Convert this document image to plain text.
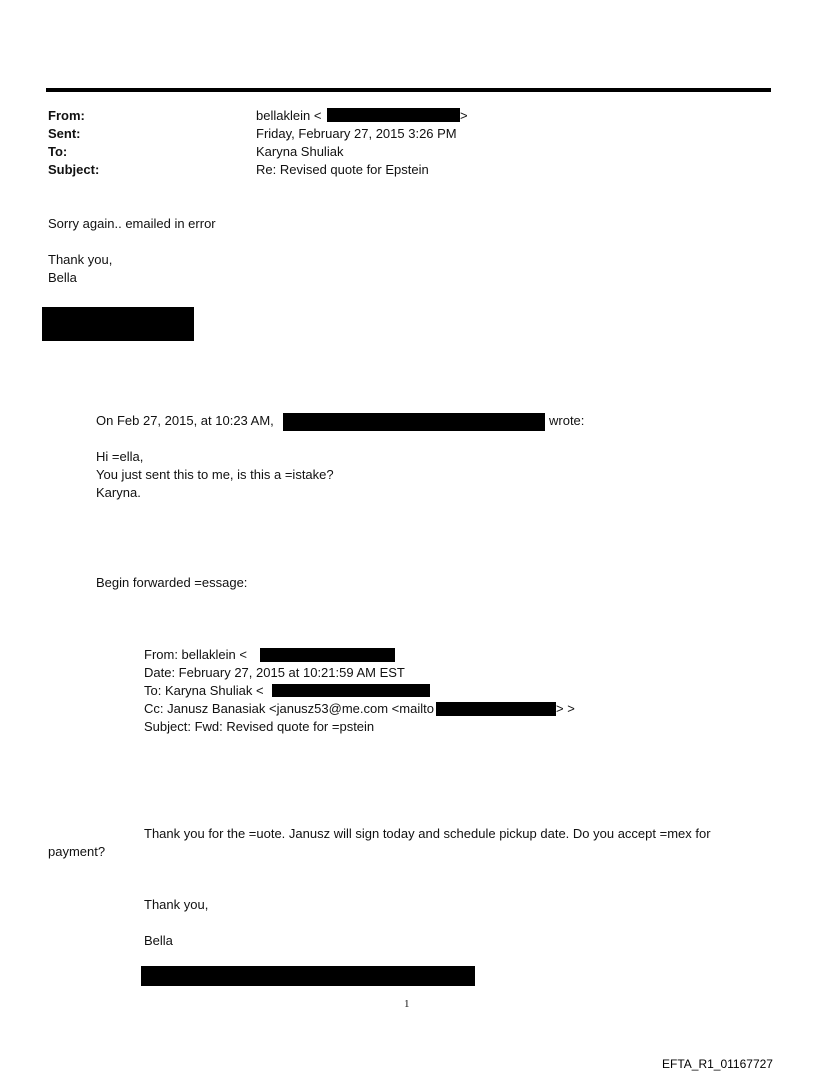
From:	bellaklein <	>
Sent:	Friday, February 27, 2015 3:26 PM
To:	Karyna Shuliak
Subject:	Re: Revised quote for Epstein
Sorry again.. emailed in error
Thank you,
Bella
On Feb 27, 2015, at 10:23 AM,	wrote:
Hi =ella,
You just sent this to me, is this a =istake?
Karyna.
Begin forwarded =essage:
From: bellaklein <
Date: February 27, 2015 at 10:21:59 AM EST
To: Karyna Shuliak <
Cc: Janusz Banasiak <janusz53@me.com <mailto	> >
Subject: Fwd: Revised quote for =pstein
Thank you for the =uote. Janusz will sign today and schedule pickup date. Do you accept =mex for
payment?
Thank you,
Bella
1
EFTA_R1_01167727
